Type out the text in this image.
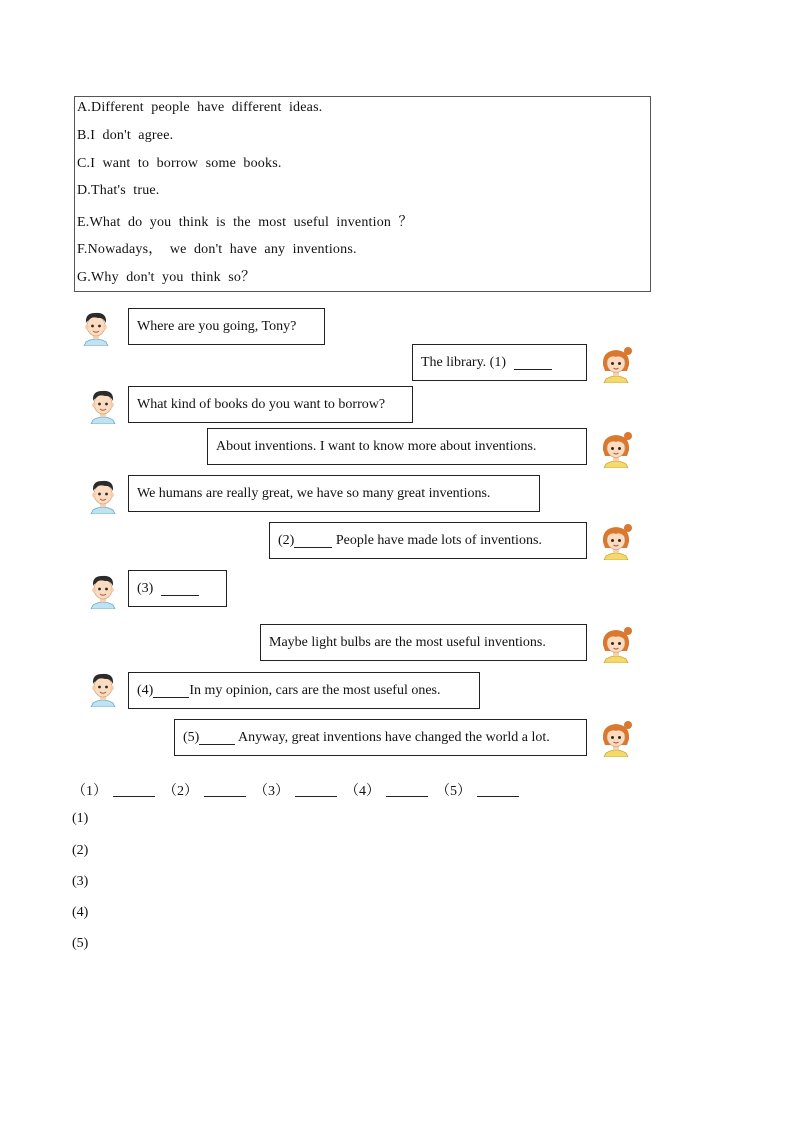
A.Different  people  have  different  ideas.
B.I  don't  agree.
C.I  want  to  borrow  some  books.
D.That's  true.
E.What  do  you  think  is  the  most  useful  invention  ？
F.Nowadays，  we  don't  have  any  inventions.
G.Why  don't  you  think  so？
Where are you going, Tony?
The library. (1)
What kind of books do you want to borrow?
About inventions. I want to know more about inventions.
We humans are really great, we have so many great inventions.
(2)	People have made lots of inventions.
(3)
Maybe light bulbs are the most useful inventions.
(4)	In my opinion, cars are the most useful ones.
(5)	Anyway, great inventions have changed the world a lot.
（1）	（2）	（3）	（4）	（5）
(1)
(2)
(3)
(4)
(5)
